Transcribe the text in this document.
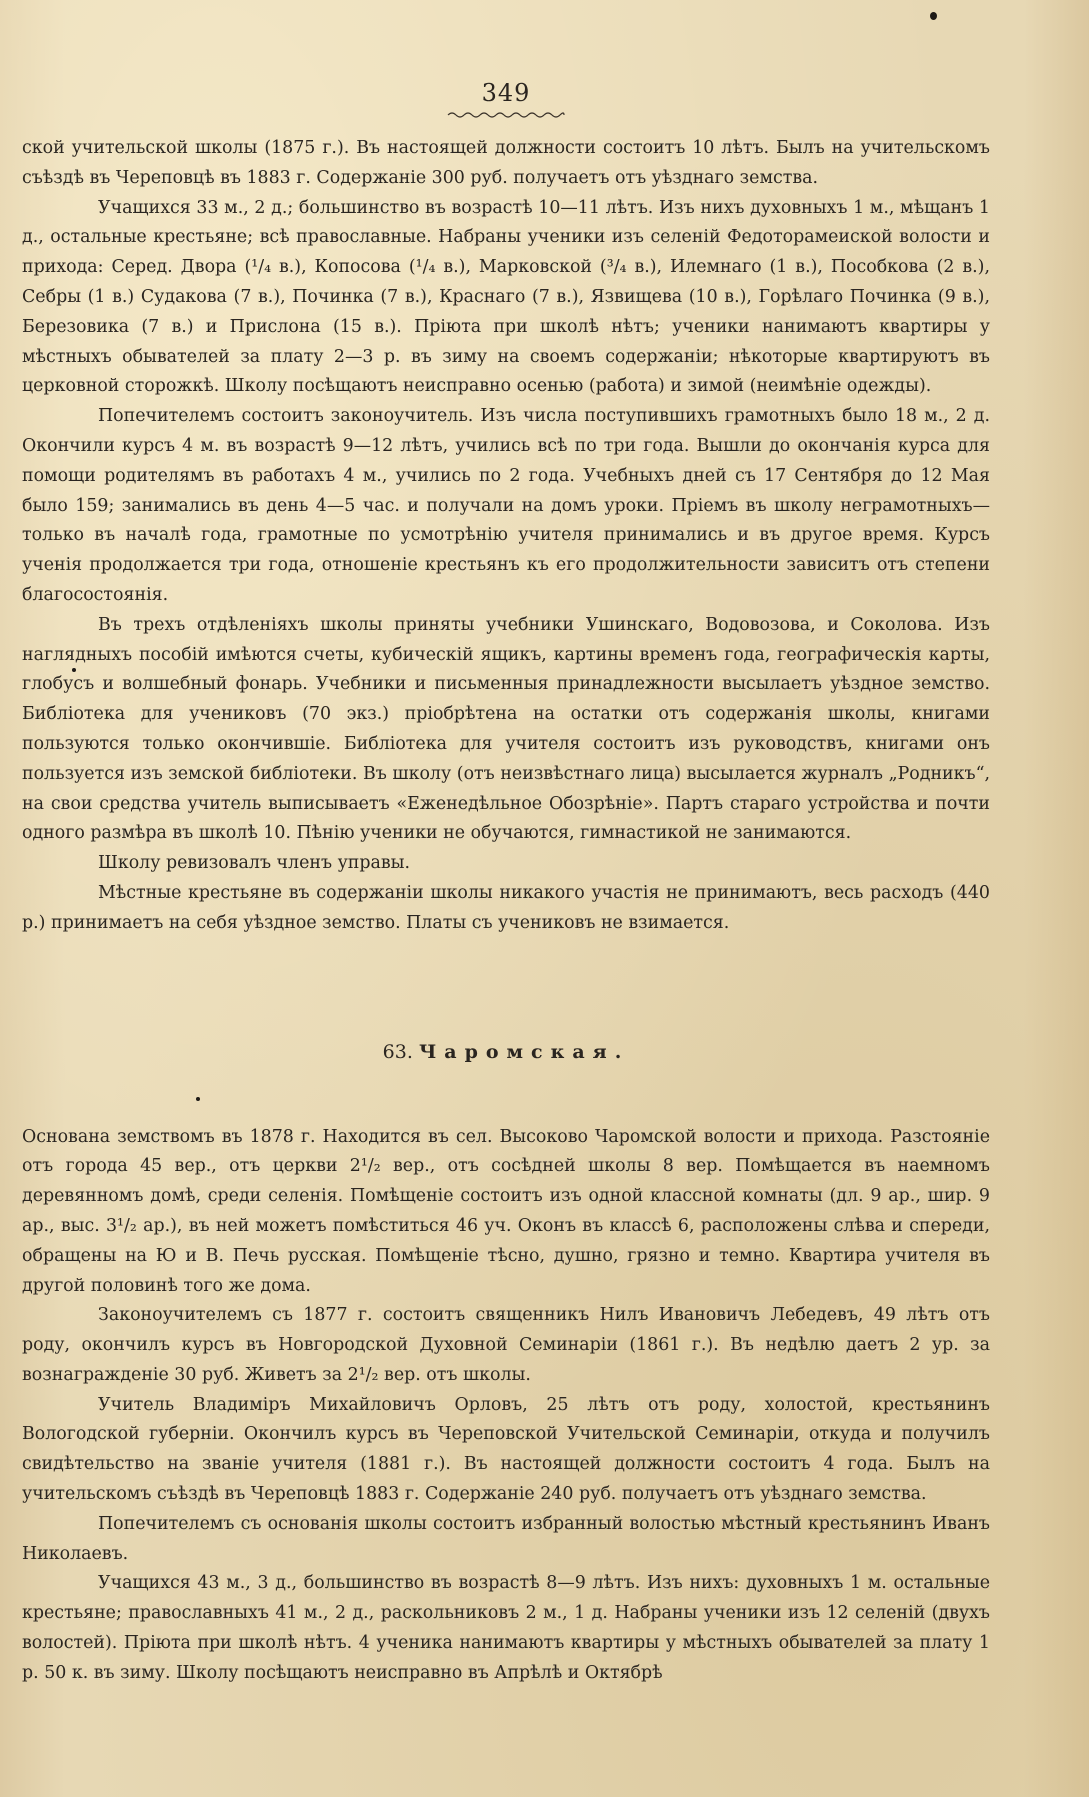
349

ской учительской школы (1875 г.). Въ настоящей должности состоитъ 10 лѣтъ. Былъ на учительскомъ съѣздѣ въ Череповцѣ въ 1883 г. Содержаніе 300 руб. получаетъ отъ уѣзднаго земства.

Учащихся 33 м., 2 д.; большинство въ возрастѣ 10—11 лѣтъ. Изъ нихъ духовныхъ 1 м., мѣщанъ 1 д., остальные крестьяне; всѣ православные. Набраны ученики изъ селеній Федоторамеиской волости и прихода: Серед. Двора (¹/₄ в.), Копосова (¹/₄ в.), Марковской (³/₄ в.), Илемнаго (1 в.), Пособкова (2 в.), Себры (1 в.) Судакова (7 в.), Починка (7 в.), Краснаго (7 в.), Язвищева (10 в.), Горѣлаго Починка (9 в.), Березовика (7 в.) и Прислона (15 в.). Пріюта при школѣ нѣтъ; ученики нанимаютъ квартиры у мѣстныхъ обывателей за плату 2—3 р. въ зиму на своемъ содержаніи; нѣкоторые квартируютъ въ церковной сторожкѣ. Школу посѣщаютъ неисправно осенью (работа) и зимой (неимѣніе одежды).

Попечителемъ состоитъ законоучитель. Изъ числа поступившихъ грамотныхъ было 18 м., 2 д. Окончили курсъ 4 м. въ возрастѣ 9—12 лѣтъ, учились всѣ по три года. Вышли до окончанія курса для помощи родителямъ въ работахъ 4 м., учились по 2 года. Учебныхъ дней съ 17 Сентября до 12 Мая было 159; занимались въ день 4—5 час. и получали на домъ уроки. Пріемъ въ школу неграмотныхъ—только въ началѣ года, грамотные по усмотрѣнію учителя принимались и въ другое время. Курсъ ученія продолжается три года, отношеніе крестьянъ къ его продолжительности зависитъ отъ степени благосостоянія.

Въ трехъ отдѣленіяхъ школы приняты учебники Ушинскаго, Водовозова, и Соколова. Изъ наглядныхъ пособій имѣются счеты, кубическій ящикъ, картины временъ года, географическія карты, глобусъ и волшебный фонарь. Учебники и письменныя принадлежности высылаетъ уѣздное земство. Библіотека для учениковъ (70 экз.) пріобрѣтена на остатки отъ содержанія школы, книгами пользуются только окончившіе. Библіотека для учителя состоитъ изъ руководствъ, книгами онъ пользуется изъ земской библіотеки. Въ школу (отъ неизвѣстнаго лица) высылается журналъ „Родникъ“, на свои средства учитель выписываетъ «Еженедѣльное Обозрѣніе». Партъ стараго устройства и почти одного размѣра въ школѣ 10. Пѣнію ученики не обучаются, гимнастикой не занимаются.

Школу ревизовалъ членъ управы.

Мѣстные крестьяне въ содержаніи школы никакого участія не принимаютъ, весь расходъ (440 р.) принимаетъ на себя уѣздное земство. Платы съ учениковъ не взимается.

63. Чаромская.

Основана земствомъ въ 1878 г. Находится въ сел. Высоково Чаромской волости и прихода. Разстояніе отъ города 45 вер., отъ церкви 2¹/₂ вер., отъ сосѣдней школы 8 вер. Помѣщается въ наемномъ деревянномъ домѣ, среди селенія. Помѣщеніе состоитъ изъ одной классной комнаты (дл. 9 ар., шир. 9 ар., выс. 3¹/₂ ар.), въ ней можетъ помѣститься 46 уч. Оконъ въ классѣ 6, расположены слѣва и спереди, обращены на Ю и В. Печь русская. Помѣщеніе тѣсно, душно, грязно и темно. Квартира учителя въ другой половинѣ того же дома.

Законоучителемъ съ 1877 г. состоитъ священникъ Нилъ Ивановичъ Лебедевъ, 49 лѣтъ отъ роду, окончилъ курсъ въ Новгородской Духовной Семинаріи (1861 г.). Въ недѣлю даетъ 2 ур. за вознагражденіе 30 руб. Живетъ за 2¹/₂ вер. отъ школы.

Учитель Владиміръ Михайловичъ Орловъ, 25 лѣтъ отъ роду, холостой, крестьянинъ Вологодской губерніи. Окончилъ курсъ въ Череповской Учительской Семинаріи, откуда и получилъ свидѣтельство на званіе учителя (1881 г.). Въ настоящей должности состоитъ 4 года. Былъ на учительскомъ съѣздѣ въ Череповцѣ 1883 г. Содержаніе 240 руб. получаетъ отъ уѣзднаго земства.

Попечителемъ съ основанія школы состоитъ избранный волостью мѣстный крестьянинъ Иванъ Николаевъ.

Учащихся 43 м., 3 д., большинство въ возрастѣ 8—9 лѣтъ. Изъ нихъ: духовныхъ 1 м. остальные крестьяне; православныхъ 41 м., 2 д., раскольниковъ 2 м., 1 д. Набраны ученики изъ 12 селеній (двухъ волостей). Пріюта при школѣ нѣтъ. 4 ученика нанимаютъ квартиры у мѣстныхъ обывателей за плату 1 р. 50 к. въ зиму. Школу посѣщаютъ неисправно въ Апрѣлѣ и Октябрѣ
